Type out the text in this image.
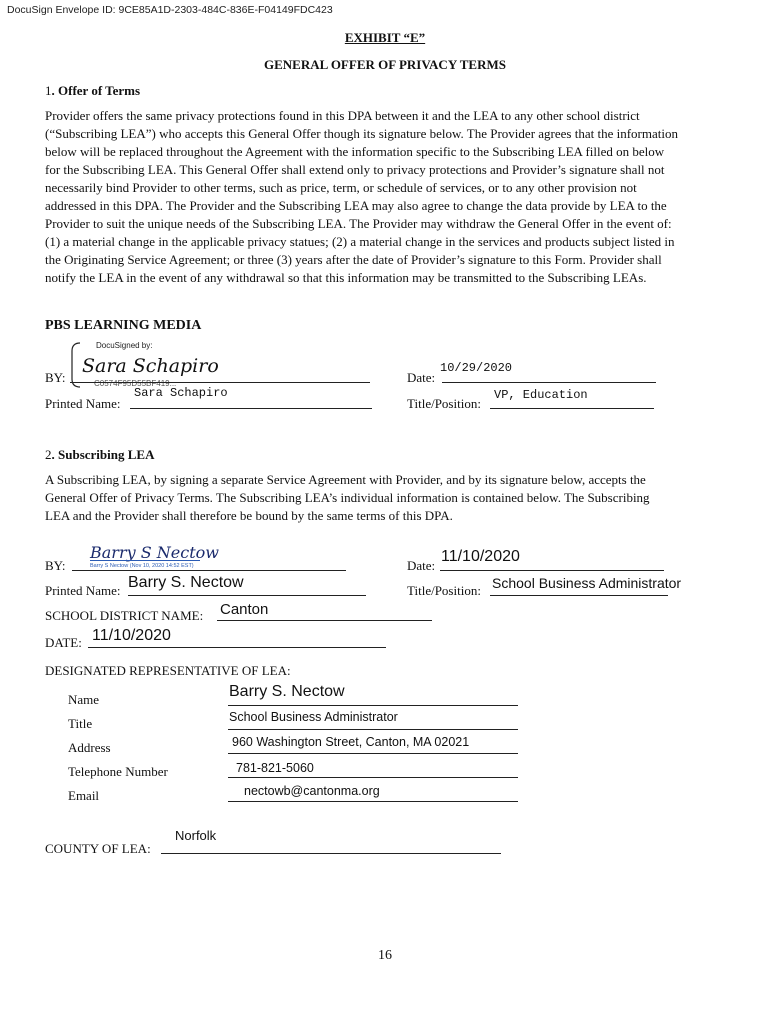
DocuSign Envelope ID: 9CE85A1D-2303-484C-836E-F04149FDC423
EXHIBIT “E”
GENERAL OFFER OF PRIVACY TERMS
1. Offer of Terms

Provider offers the same privacy protections found in this DPA between it and the LEA to any other school district

(“Subscribing LEA”) who accepts this General Offer though its signature below. The Provider agrees that the information

below will be replaced throughout the Agreement with the information specific to the Subscribing LEA filled on below

for the Subscribing LEA. This General Offer shall extend only to privacy protections and Provider’s signature shall not

necessarily bind Provider to other terms, such as price, term, or schedule of services, or to any other provision not

addressed in this DPA. The Provider and the Subscribing LEA may also agree to change the data provide by LEA to the

Provider to suit the unique needs of the Subscribing LEA. The Provider may withdraw the General Offer in the event of:

(1) a material change in the applicable privacy statues; (2) a material change in the services and products subject listed in

the Originating Service Agreement; or three (3) years after the date of Provider’s signature to this Form. Provider shall

notify the LEA in the event of any withdrawal so that this information may be transmitted to the Subscribing LEAs.

PBS LEARNING MEDIA
DocuSigned by:
Sara Schapiro
C0574F95D55BF419...
BY:	Date:
10/29/2020
Printed Name:
Sara Schapiro
Title/Position:
VP, Education
2. Subscribing LEA

A Subscribing LEA, by signing a separate Service Agreement with Provider, and by its signature below, accepts the

General Offer of Privacy Terms. The Subscribing LEA’s individual information is contained below. The Subscribing

LEA and the Provider shall therefore be bound by the same terms of this DPA.

BY:
Barry S Nectow
Barry S Nectow (Nov 10, 2020 14:52 EST)	Date:
11/10/2020
Printed Name: Barry S. Nectow	Title/Position: School Business Administrator
SCHOOL DISTRICT NAME: Canton
DATE: 11/10/2020
DESIGNATED REPRESENTATIVE OF LEA:
Name	Barry S. Nectow
Title	School Business Administrator
Address	960 Washington Street, Canton, MA 02021
Telephone Number	781-821-5060
Email	nectowb@cantonma.org
Norfolk
COUNTY OF LEA:
16
